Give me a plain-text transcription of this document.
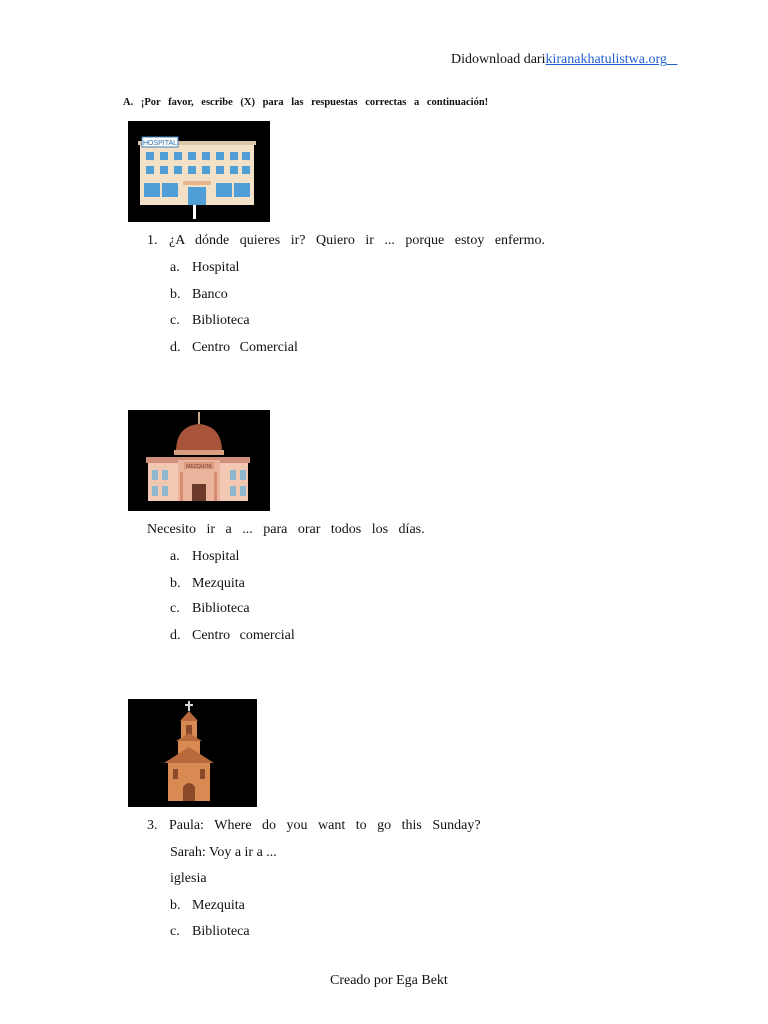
Didownload darikiranakhatulistwa.org
A. ¡Por favor, escribe (X) para las respuestas correctas a continuación!
HOSPITAL
1. ¿A dónde quieres ir? Quiero ir ... porque estoy enfermo.
a. Hospital
b. Banco
c. Biblioteca
d. Centro Comercial
MEZQUITA
Necesito ir a ... para orar todos los días.
a. Hospital
b. Mezquita
c. Biblioteca
d. Centro comercial
3. Paula: Where do you want to go this Sunday?
Sarah: Voy a ir a ...
iglesia
b. Mezquita
c. Biblioteca
Creado por Ega Bekt
